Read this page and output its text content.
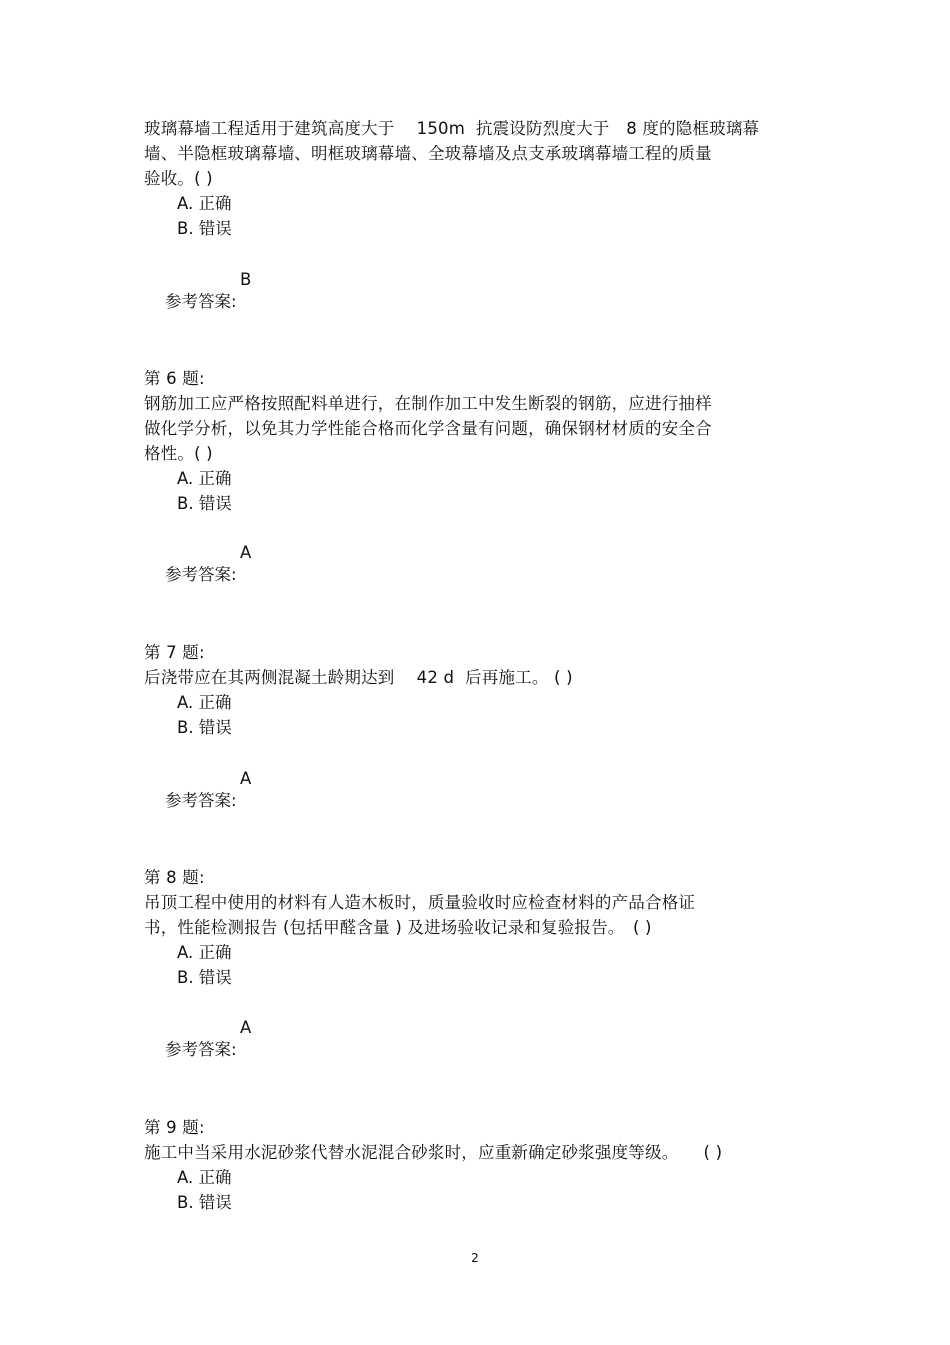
玻璃幕墙工程适用于建筑高度大于　 150m  抗震设防烈度大于　8 度的隐框玻璃幕
墙、半隐框玻璃幕墙、明框玻璃幕墙、全玻幕墙及点支承玻璃幕墙工程的质量
验收。( )
A. 正确
B. 错误

参考答案:

B

第 6 题:
钢筋加工应严格按照配料单进行，在制作加工中发生断裂的钢筋，应进行抽样
做化学分析，以免其力学性能合格而化学含量有问题，确保钢材材质的安全合
格性。( )
A. 正确
B. 错误

参考答案:

A

第 7 题:
后浇带应在其两侧混凝土龄期达到　 42 d  后再施工。 ( )
A. 正确
B. 错误

参考答案:

A

第 8 题:
吊顶工程中使用的材料有人造木板时，质量验收时应检查材料的产品合格证
书，性能检测报告 (包括甲醛含量 ) 及进场验收记录和复验报告。　( )
A. 正确
B. 错误

参考答案:

A

第 9 题:
施工中当采用水泥砂浆代替水泥混合砂浆时，应重新确定砂浆强度等级。　　( )
A. 正确
B. 错误
2
